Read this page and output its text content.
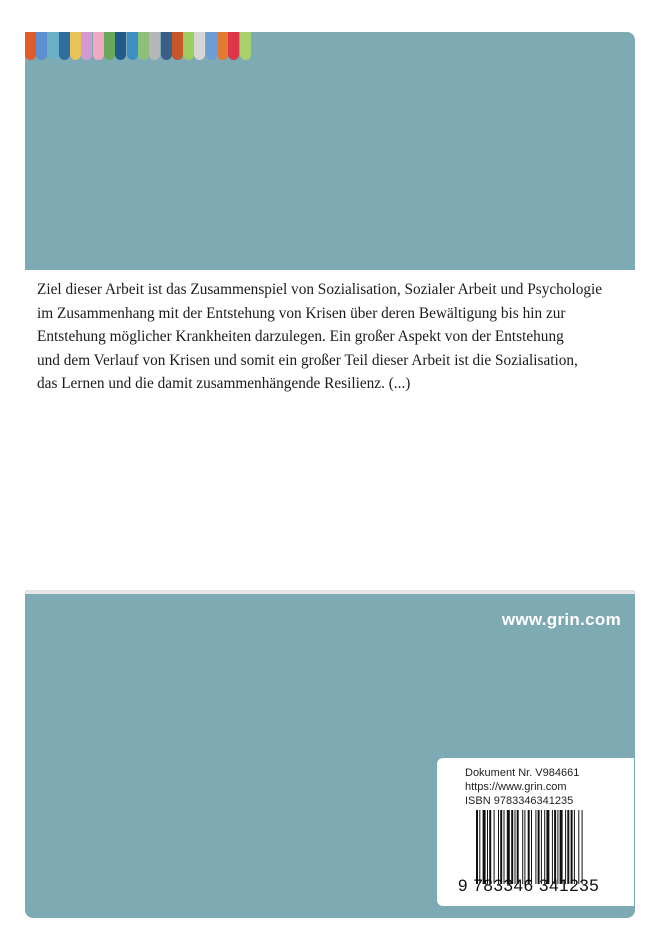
Ziel dieser Arbeit ist das Zusammenspiel von Sozialisation, Sozialer Arbeit und Psychologie
im Zusammenhang mit der Entstehung von Krisen über deren Bewältigung bis hin zur
Entstehung möglicher Krankheiten darzulegen. Ein großer Aspekt von der Entstehung
und dem Verlauf von Krisen und somit ein großer Teil dieser Arbeit ist die Sozialisation,
das Lernen und die damit zusammenhängende Resilienz. (...)
www.grin.com
Dokument Nr. V984661
https://www.grin.com
ISBN 9783346341235
9 783346 341235
